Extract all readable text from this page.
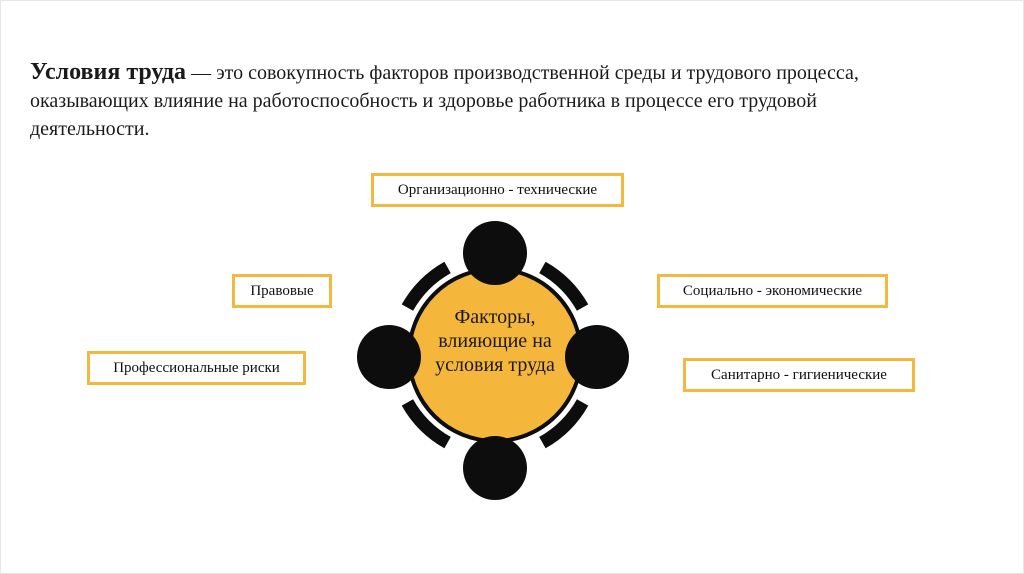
Условия труда — это совокупность факторов производственной среды и трудового процесса, оказывающих влияние на работоспособность и здоровье работника в процессе его трудовой деятельности.

Организационно - технические
Правовые	Социально - экономические
Профессиональные риски	Санитарно - гигиенические

Факторы, влияющие на условия труда
